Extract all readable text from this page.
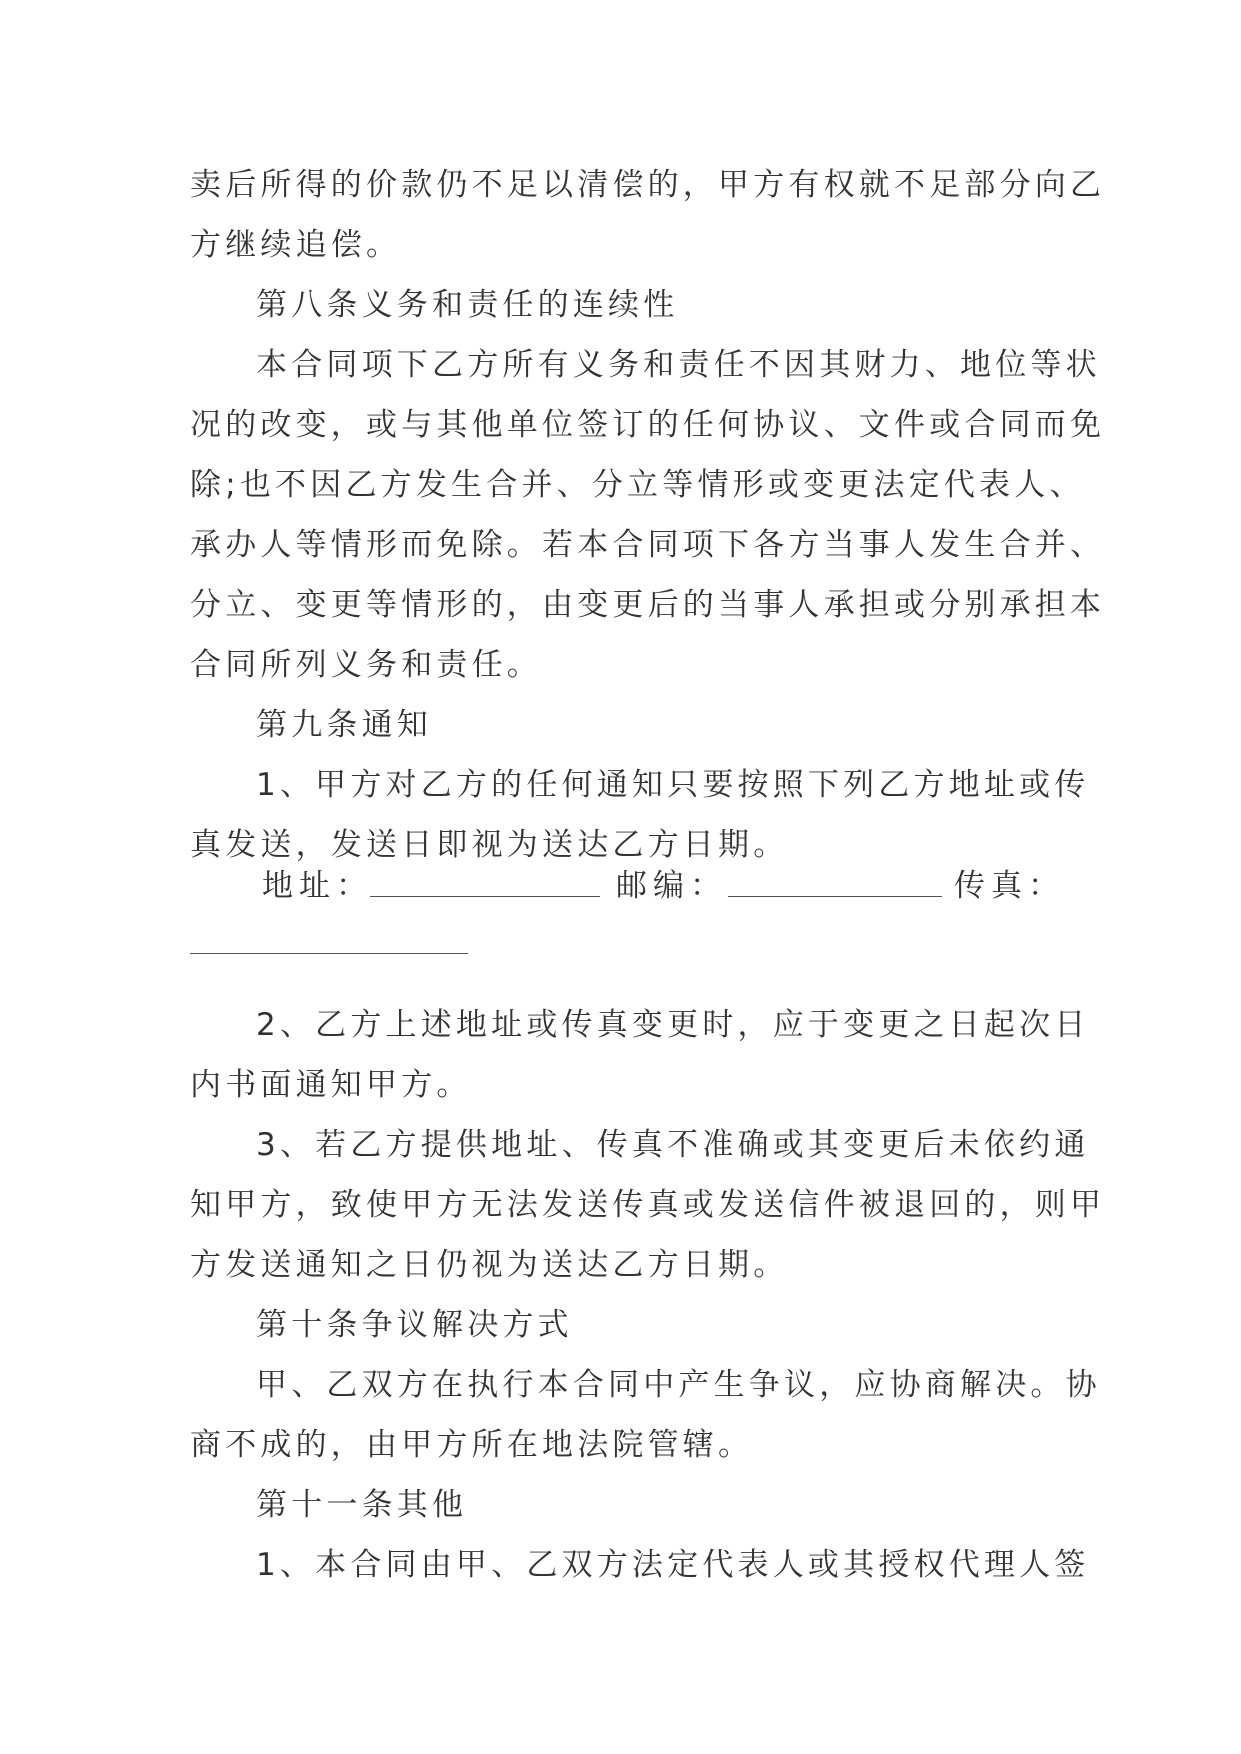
卖后所得的价款仍不足以清偿的，甲方有权就不足部分向乙
方继续追偿。
第八条义务和责任的连续性
本合同项下乙方所有义务和责任不因其财力、地位等状
况的改变，或与其他单位签订的任何协议、文件或合同而免
除;也不因乙方发生合并、分立等情形或变更法定代表人、
承办人等情形而免除。若本合同项下各方当事人发生合并、
分立、变更等情形的，由变更后的当事人承担或分别承担本
合同所列义务和责任。
第九条通知
1、甲方对乙方的任何通知只要按照下列乙方地址或传
真发送，发送日即视为送达乙方日期。
地址：	邮编：	传真：
2、乙方上述地址或传真变更时，应于变更之日起次日
内书面通知甲方。
3、若乙方提供地址、传真不准确或其变更后未依约通
知甲方，致使甲方无法发送传真或发送信件被退回的，则甲
方发送通知之日仍视为送达乙方日期。
第十条争议解决方式
甲、乙双方在执行本合同中产生争议，应协商解决。协
商不成的，由甲方所在地法院管辖。
第十一条其他
1、本合同由甲、乙双方法定代表人或其授权代理人签
